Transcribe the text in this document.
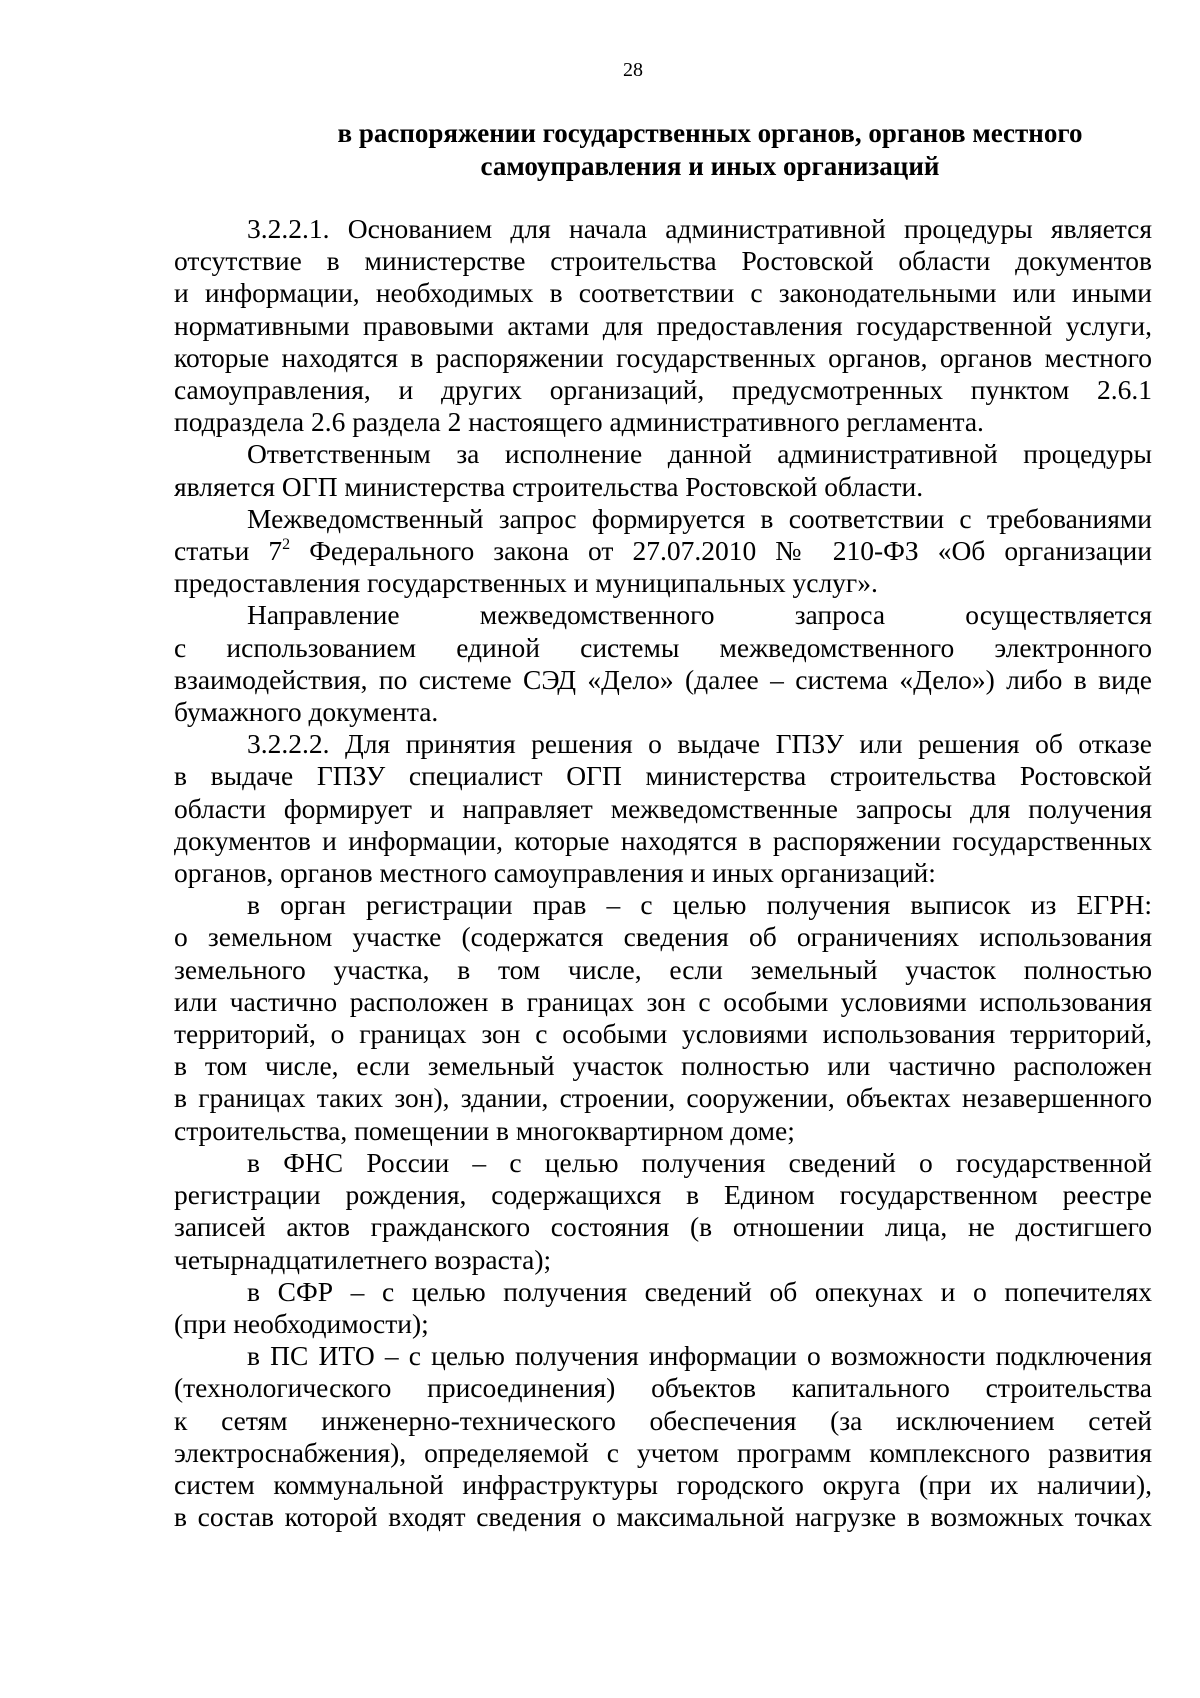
28
в распоряжении государственных органов, органов местного
самоуправления и иных организаций
3.2.2.1. Основанием для начала административной процедуры является
отсутствие в министерстве строительства Ростовской области документов
и информации, необходимых в соответствии с законодательными или иными
нормативными правовыми актами для предоставления государственной услуги,
которые находятся в распоряжении государственных органов, органов местного
самоуправления, и других организаций, предусмотренных пунктом 2.6.1
подраздела 2.6 раздела 2 настоящего административного регламента.
Ответственным за исполнение данной административной процедуры
является ОГП министерства строительства Ростовской области.
Межведомственный запрос формируется в соответствии с требованиями
статьи $7^2$ Федерального закона от 27.07.2010 № 210-ФЗ «Об организации
предоставления государственных и муниципальных услуг».
Направление межведомственного запроса осуществляется
с использованием единой системы межведомственного электронного
взаимодействия, по системе СЭД «Дело» (далее – система «Дело») либо в виде
бумажного документа.
3.2.2.2. Для принятия решения о выдаче ГПЗУ или решения об отказе
в выдаче ГПЗУ специалист ОГП министерства строительства Ростовской
области формирует и направляет межведомственные запросы для получения
документов и информации, которые находятся в распоряжении государственных
органов, органов местного самоуправления и иных организаций:
в орган регистрации прав – с целью получения выписок из ЕГРН:
о земельном участке (содержатся сведения об ограничениях использования
земельного участка, в том числе, если земельный участок полностью
или частично расположен в границах зон с особыми условиями использования
территорий, о границах зон с особыми условиями использования территорий,
в том числе, если земельный участок полностью или частично расположен
в границах таких зон), здании, строении, сооружении, объектах незавершенного
строительства, помещении в многоквартирном доме;
в ФНС России – с целью получения сведений о государственной
регистрации рождения, содержащихся в Едином государственном реестре
записей актов гражданского состояния (в отношении лица, не достигшего
четырнадцатилетнего возраста);
в СФР – с целью получения сведений об опекунах и о попечителях
(при необходимости);
в ПС ИТО – с целью получения информации о возможности подключения
(технологического присоединения) объектов капитального строительства
к сетям инженерно-технического обеспечения (за исключением сетей
электроснабжения), определяемой с учетом программ комплексного развития
систем коммунальной инфраструктуры городского округа (при их наличии),
в состав которой входят сведения о максимальной нагрузке в возможных точках
